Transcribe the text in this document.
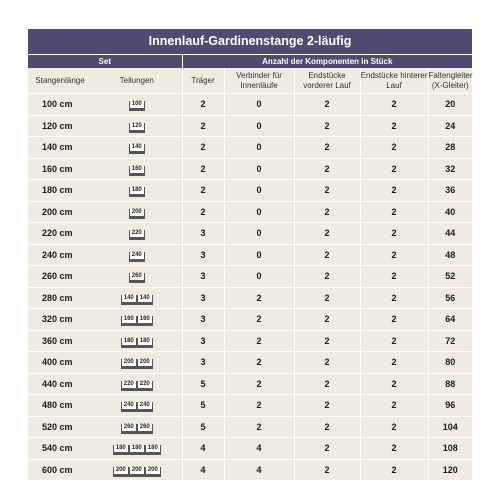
Innenlauf-Gardinenstange 2-läufig
Set		Anzahl der Komponenten in Stück				
Stangenlänge	Teilungen	Träger	Verbinder für Innenläufe	Endstücke vorderer Lauf	Endstücke hinterer Lauf	Faltengleiter (X-Gleiter)
100 cm	100	2	0	2	2	20
120 cm	120	2	0	2	2	24
140 cm	140	2	0	2	2	28
160 cm	160	2	0	2	2	32
180 cm	180	2	0	2	2	36
200 cm	200	2	0	2	2	40
220 cm	220	3	0	2	2	44
240 cm	240	3	0	2	2	48
260 cm	260	3	0	2	2	52
280 cm	140 140	3	2	2	2	56
320 cm	160 160	3	2	2	2	64
360 cm	180 180	3	2	2	2	72
400 cm	200 200	3	2	2	2	80
440 cm	220 220	5	2	2	2	88
480 cm	240 240	5	2	2	2	96
520 cm	260 260	5	2	2	2	104
540 cm	180 180 180	4	4	2	2	108
600 cm	200 200 200	4	4	2	2	120
